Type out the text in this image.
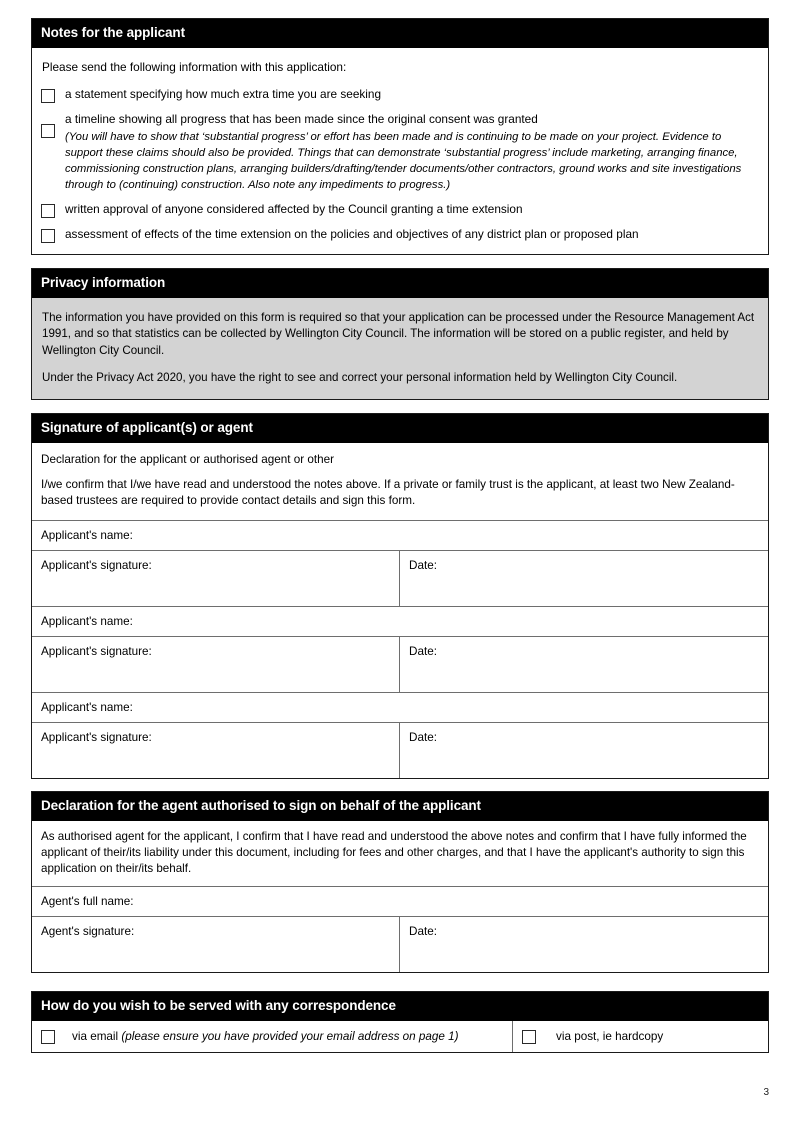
Notes for the applicant
Please send the following information with this application:
a statement specifying how much extra time you are seeking
a timeline showing all progress that has been made since the original consent was granted
(You will have to show that ‘substantial progress’ or effort has been made and is continuing to be made on your project. Evidence to support these claims should also be provided. Things that can demonstrate ‘substantial progress’ include marketing, arranging finance, commissioning construction plans, arranging builders/drafting/tender documents/other contractors, ground works and site investigations through to (continuing) construction. Also note any impediments to progress.)
written approval of anyone considered affected by the Council granting a time extension
assessment of effects of the time extension on the policies and objectives of any district plan or proposed plan
Privacy information

The information you have provided on this form is required so that your application can be processed under the Resource Management Act 1991, and so that statistics can be collected by Wellington City Council. The information will be stored on a public register, and held by Wellington City Council.

Under the Privacy Act 2020, you have the right to see and correct your personal information held by Wellington City Council.

Signature of applicant(s) or agent

Declaration for the applicant or authorised agent or other

I/we confirm that I/we have read and understood the notes above. If a private or family trust is the applicant, at least two New Zealand-based trustees are required to provide contact details and sign this form.

Applicant's name:
Applicant's signature:	Date:
Applicant's name:
Applicant's signature:	Date:
Applicant's name:
Applicant's signature:	Date:
Declaration for the agent authorised to sign on behalf of the applicant
As authorised agent for the applicant, I confirm that I have read and understood the above notes and confirm that I have fully informed the applicant of their/its liability under this document, including for fees and other charges, and that I have the applicant's authority to sign this application on their/its behalf.
Agent's full name:
Agent's signature:	Date:
How do you wish to be served with any correspondence
via email (please ensure you have provided your email address on page 1)	via post, ie hardcopy
3
